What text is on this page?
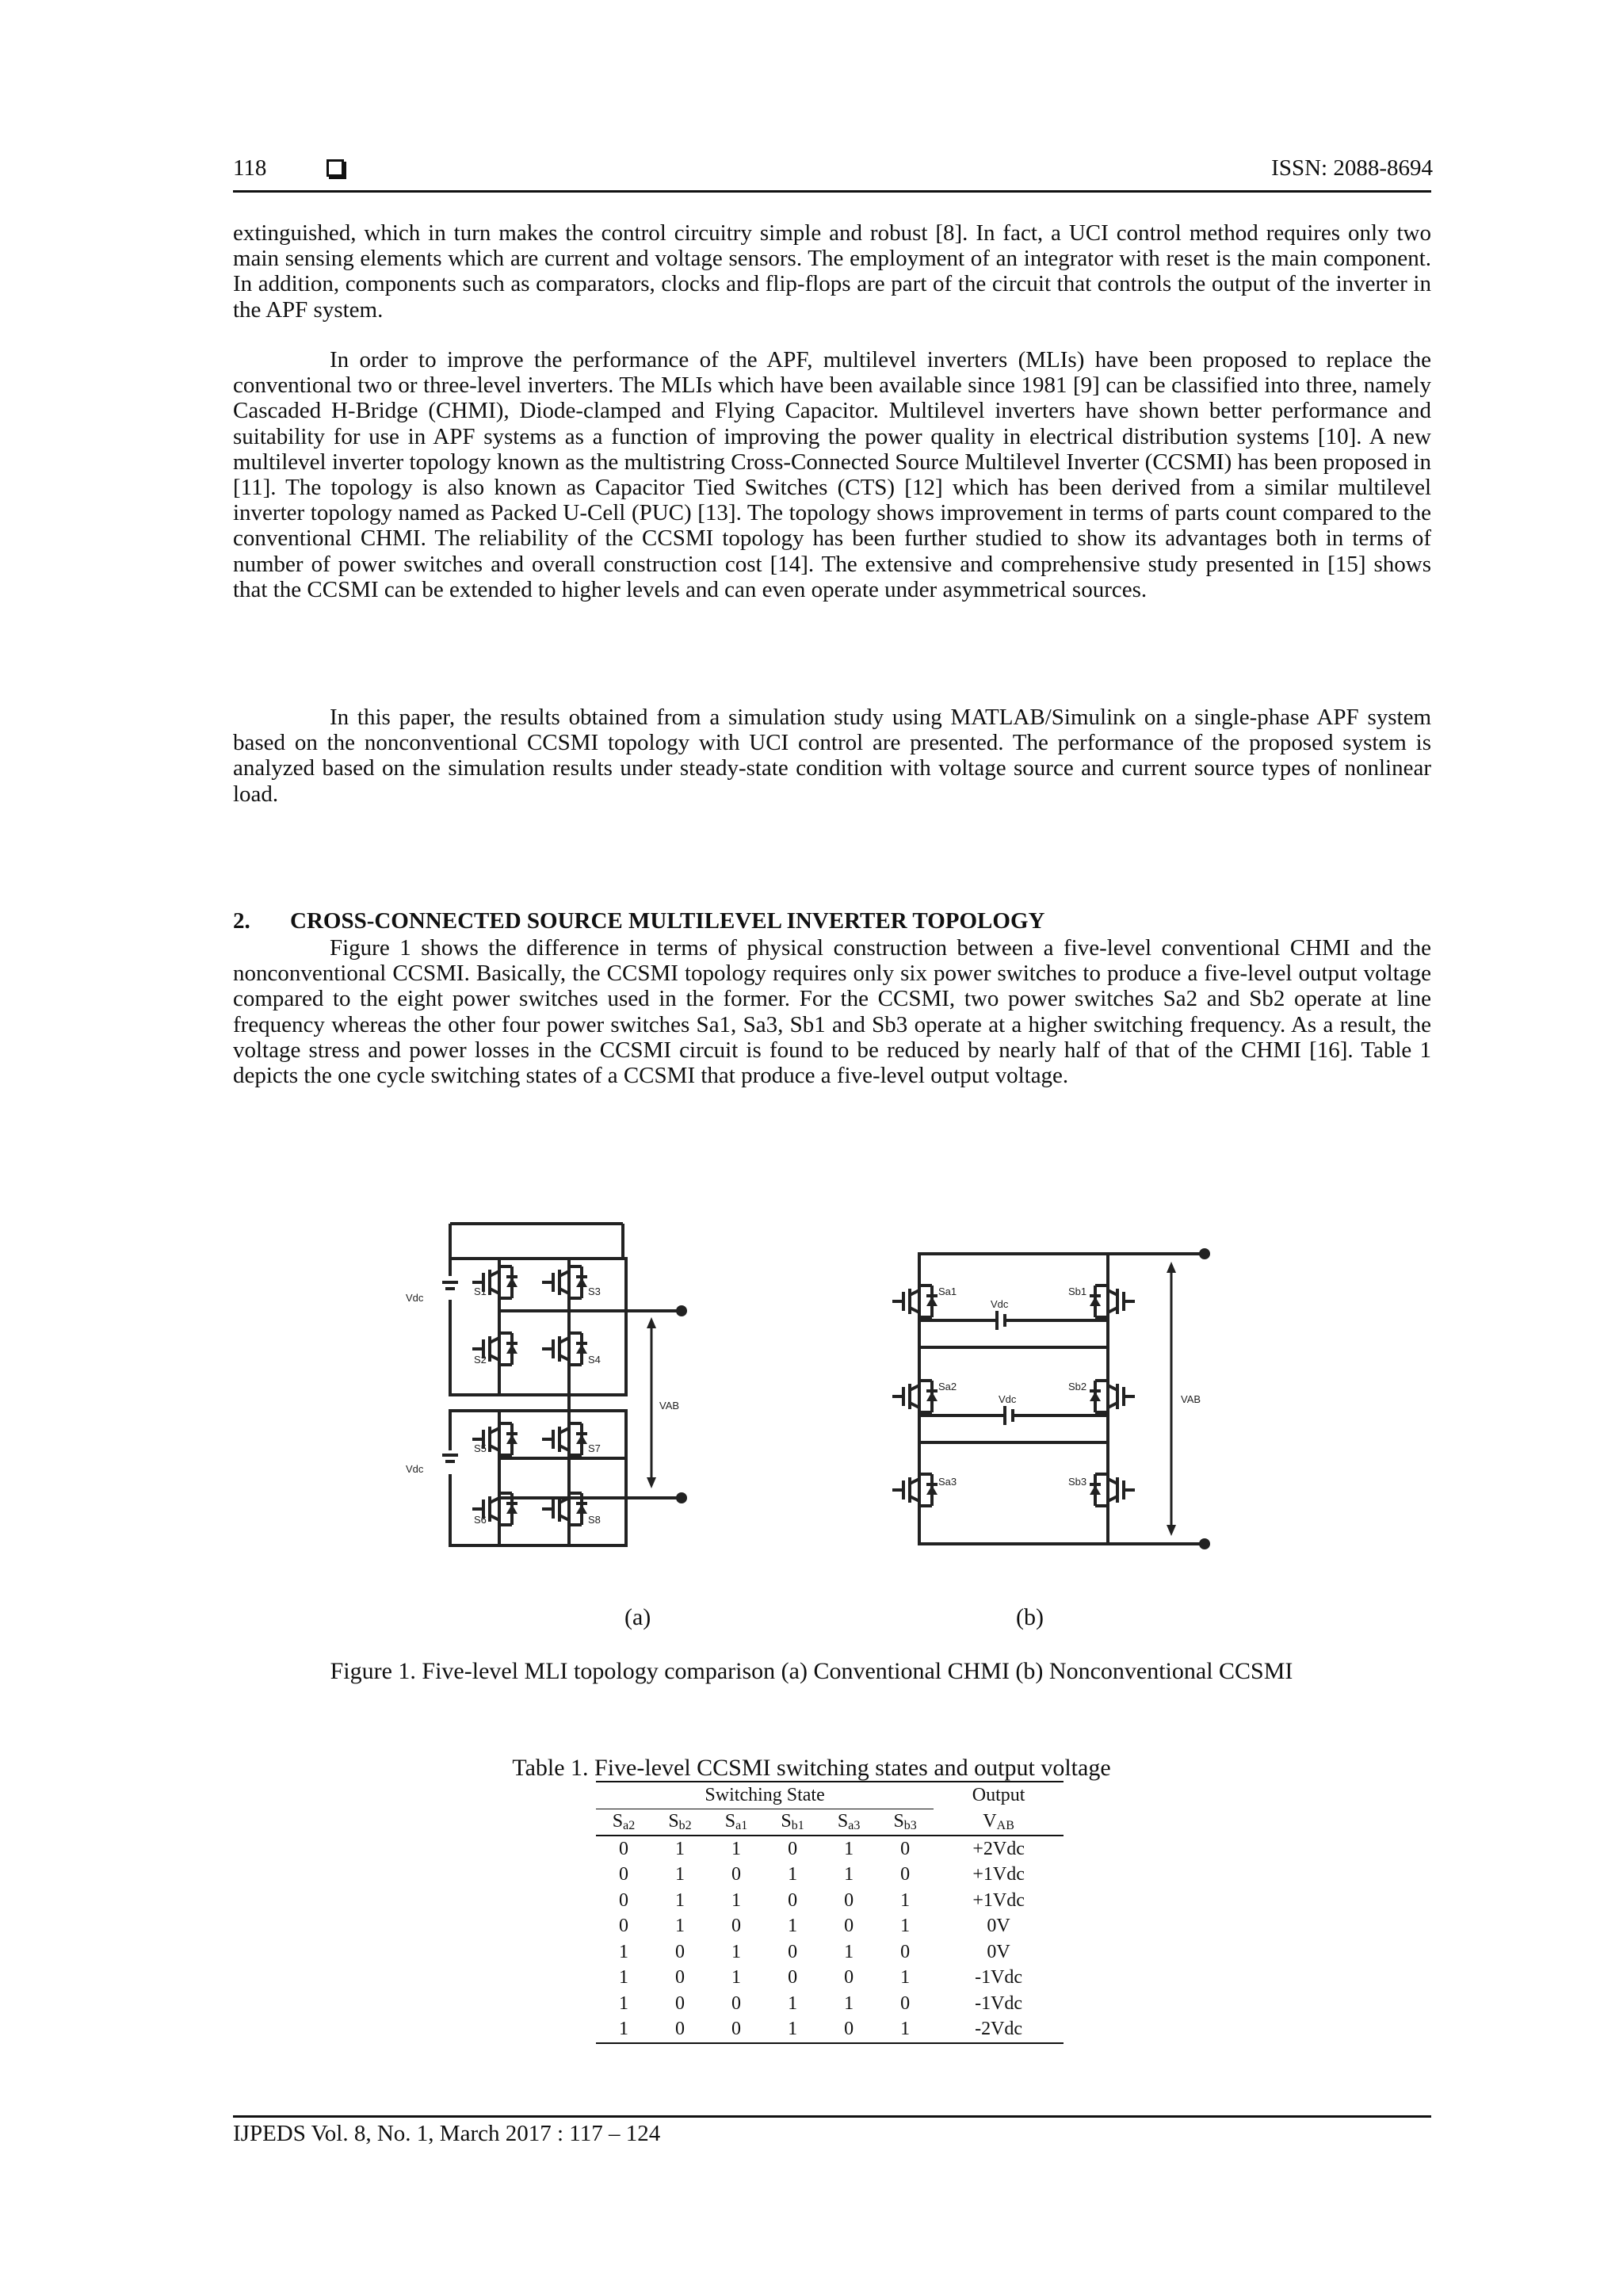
118	ISSN: 2088-8694

extinguished, which in turn makes the control circuitry simple and robust [8]. In fact, a UCI control method requires only two main sensing elements which are current and voltage sensors. The employment of an integrator with reset is the main component. In addition, components such as comparators, clocks and flip-flops are part of the circuit that controls the output of the inverter in the APF system.

In order to improve the performance of the APF, multilevel inverters (MLIs) have been proposed to replace the conventional two or three-level inverters. The MLIs which have been available since 1981 [9] can be classified into three, namely Cascaded H-Bridge (CHMI), Diode-clamped and Flying Capacitor. Multilevel inverters have shown better performance and suitability for use in APF systems as a function of improving the power quality in electrical distribution systems [10]. A new multilevel inverter topology known as the multistring Cross-Connected Source Multilevel Inverter (CCSMI) has been proposed in [11]. The topology is also known as Capacitor Tied Switches (CTS) [12] which has been derived from a similar multilevel inverter topology named as Packed U-Cell (PUC) [13]. The topology shows improvement in terms of parts count compared to the conventional CHMI. The reliability of the CCSMI topology has been further studied to show its advantages both in terms of number of power switches and overall construction cost [14]. The extensive and comprehensive study presented in [15] shows that the CCSMI can be extended to higher levels and can even operate under asymmetrical sources.

In this paper, the results obtained from a simulation study using MATLAB/Simulink on a single-phase APF system based on the nonconventional CCSMI topology with UCI control are presented. The performance of the proposed system is analyzed based on the simulation results under steady-state condition with voltage source and current source types of nonlinear load.

2. CROSS-CONNECTED SOURCE MULTILEVEL INVERTER TOPOLOGY

Figure 1 shows the difference in terms of physical construction between a five-level conventional CHMI and the nonconventional CCSMI. Basically, the CCSMI topology requires only six power switches to produce a five-level output voltage compared to the eight power switches used in the former. For the CCSMI, two power switches Sa2 and Sb2 operate at line frequency whereas the other four power switches Sa1, Sa3, Sb1 and Sb3 operate at a higher switching frequency. As a result, the voltage stress and power losses in the CCSMI circuit is found to be reduced by nearly half of that of the CHMI [16]. Table 1 depicts the one cycle switching states of a CCSMI that produce a five-level output voltage.

Vdc
Vdc
S1
S2
S3
S4
S5
S6
S7
S8
VAB
Sa1
Sa2
Sa3
Sb1
Sb2
Sb3
Vdc
Vdc	VAB
(a)	(b)
Figure 1. Five-level MLI topology comparison (a) Conventional CHMI (b) Nonconventional CCSMI
Table 1. Five-level CCSMI switching states and output voltage
Switching State						Output
$S_{a2}$	$S_{b2}$	$S_{a1}$	$S_{b1}$	$S_{a3}$	$S_{b3}$	$V_{AB}$
0	1	1	0	1	0	+2Vdc
0	1	0	1	1	0	+1Vdc
0	1	1	0	0	1	+1Vdc
0	1	0	1	0	1	0V
1	0	1	0	1	0	0V
1	0	1	0	0	1	-1Vdc
1	0	0	1	1	0	-1Vdc
1	0	0	1	0	1	-2Vdc
IJPEDS Vol. 8, No. 1, March 2017 : 117 – 124
